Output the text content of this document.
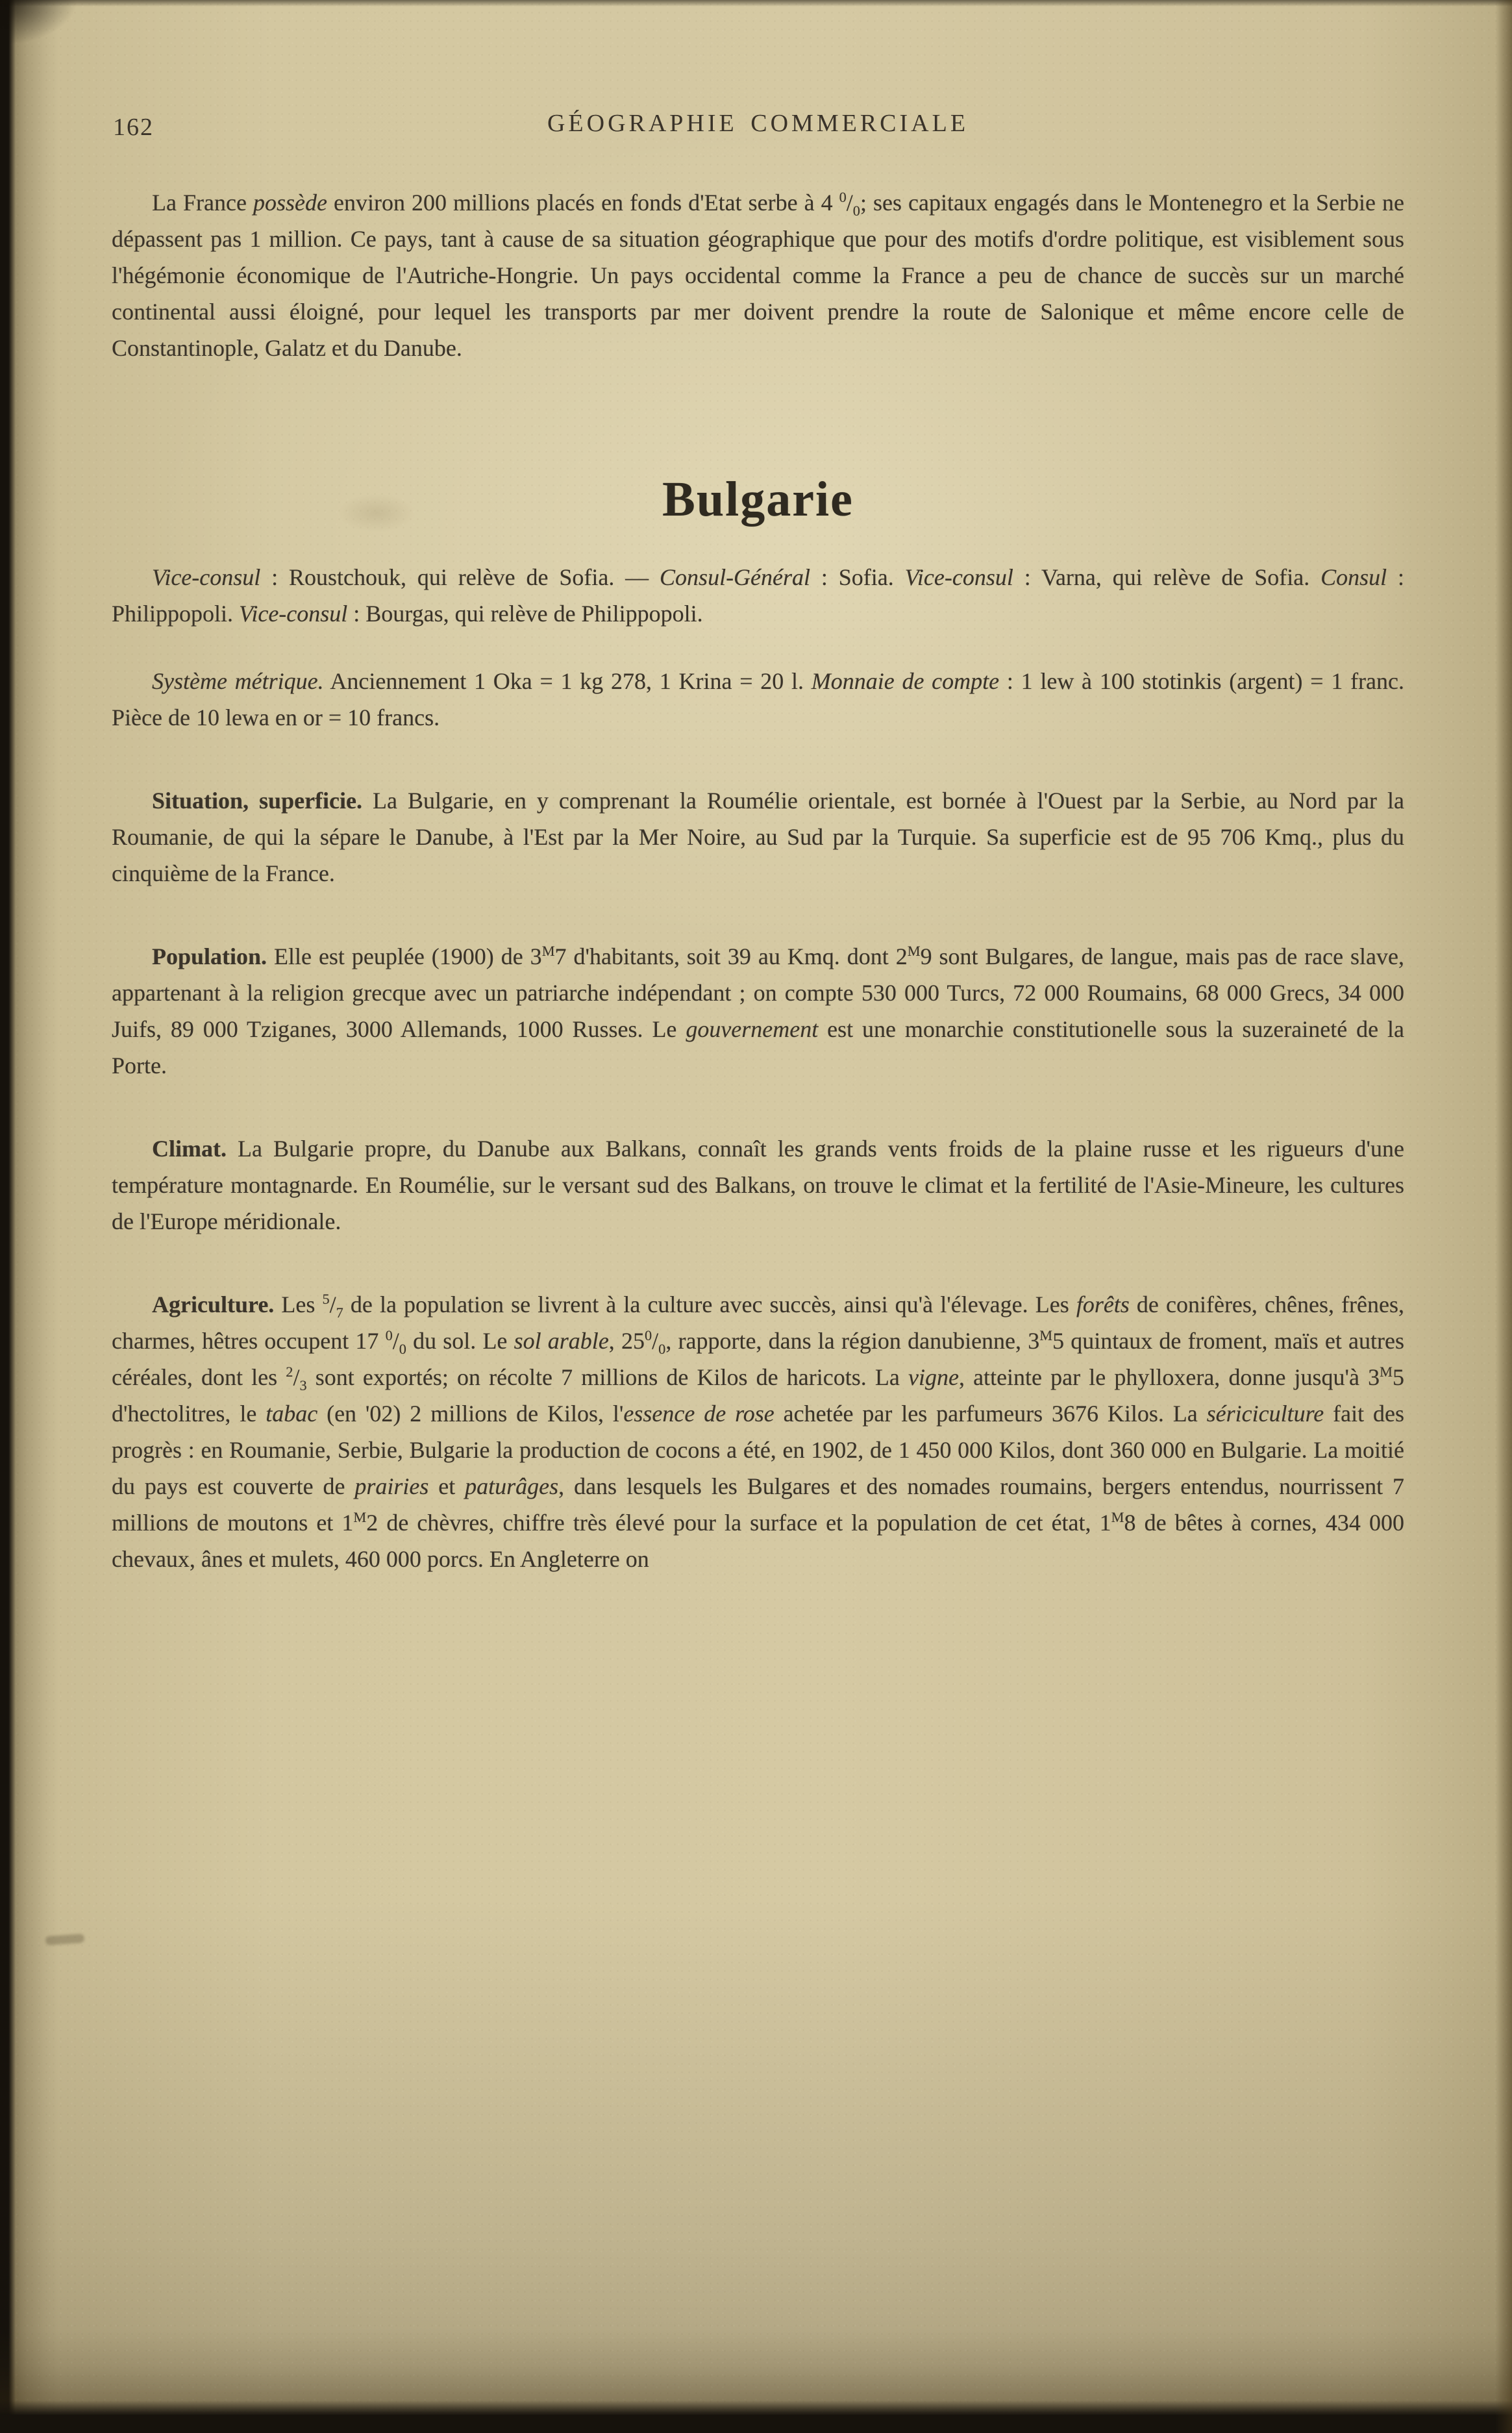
162	GÉOGRAPHIE COMMERCIALE

La France possède environ 200 millions placés en fonds d'Etat serbe à 4 $^0/_0$; ses capitaux engagés dans le Montenegro et la Serbie ne dépassent pas 1 million. Ce pays, tant à cause de sa situation géographique que pour des motifs d'ordre politique, est visiblement sous l'hégémonie économique de l'Autriche-Hongrie. Un pays occidental comme la France a peu de chance de succès sur un marché continental aussi éloigné, pour lequel les transports par mer doivent prendre la route de Salonique et même encore celle de Constantinople, Galatz et du Danube.

Bulgarie

Vice-consul : Roustchouk, qui relève de Sofia. — Consul-Général : Sofia. Vice-consul : Varna, qui relève de Sofia. Consul : Philippopoli. Vice-consul : Bourgas, qui relève de Philippopoli.

Système métrique. Anciennement 1 Oka = 1 kg 278, 1 Krina = 20 l. Monnaie de compte : 1 lew à 100 stotinkis (argent) = 1 franc. Pièce de 10 lewa en or = 10 francs.

Situation, superficie. La Bulgarie, en y comprenant la Roumélie orientale, est bornée à l'Ouest par la Serbie, au Nord par la Roumanie, de qui la sépare le Danube, à l'Est par la Mer Noire, au Sud par la Turquie. Sa superficie est de 95 706 Kmq., plus du cinquième de la France.

Population. Elle est peuplée (1900) de $3^M7$ d'habitants, soit 39 au Kmq. dont $2^M9$ sont Bulgares, de langue, mais pas de race slave, appartenant à la religion grecque avec un patriarche indépendant ; on compte 530 000 Turcs, 72 000 Roumains, 68 000 Grecs, 34 000 Juifs, 89 000 Tziganes, 3000 Allemands, 1000 Russes. Le gouvernement est une monarchie constitutionelle sous la suzeraineté de la Porte.

Climat. La Bulgarie propre, du Danube aux Balkans, connaît les grands vents froids de la plaine russe et les rigueurs d'une température montagnarde. En Roumélie, sur le versant sud des Balkans, on trouve le climat et la fertilité de l'Asie-Mineure, les cultures de l'Europe méridionale.

Agriculture. Les $^5/_7$ de la population se livrent à la culture avec succès, ainsi qu'à l'élevage. Les forêts de conifères, chênes, frênes, charmes, hêtres occupent 17 $^0/_0$ du sol. Le sol arable, $25^0/_0$, rapporte, dans la région danubienne, $3^M5$ quintaux de froment, maïs et autres céréales, dont les $^2/_3$ sont exportés; on récolte 7 millions de Kilos de haricots. La vigne, atteinte par le phylloxera, donne jusqu'à $3^M5$ d'hectolitres, le tabac (en '02) 2 millions de Kilos, l'essence de rose achetée par les parfumeurs 3676 Kilos. La sériciculture fait des progrès : en Roumanie, Serbie, Bulgarie la production de cocons a été, en 1902, de 1 450 000 Kilos, dont 360 000 en Bulgarie. La moitié du pays est couverte de prairies et paturâges, dans lesquels les Bulgares et des nomades roumains, bergers entendus, nourrissent 7 millions de moutons et $1^M2$ de chèvres, chiffre très élevé pour la surface et la population de cet état, $1^M8$ de bêtes à cornes, 434 000 chevaux, ânes et mulets, 460 000 porcs. En Angleterre on
